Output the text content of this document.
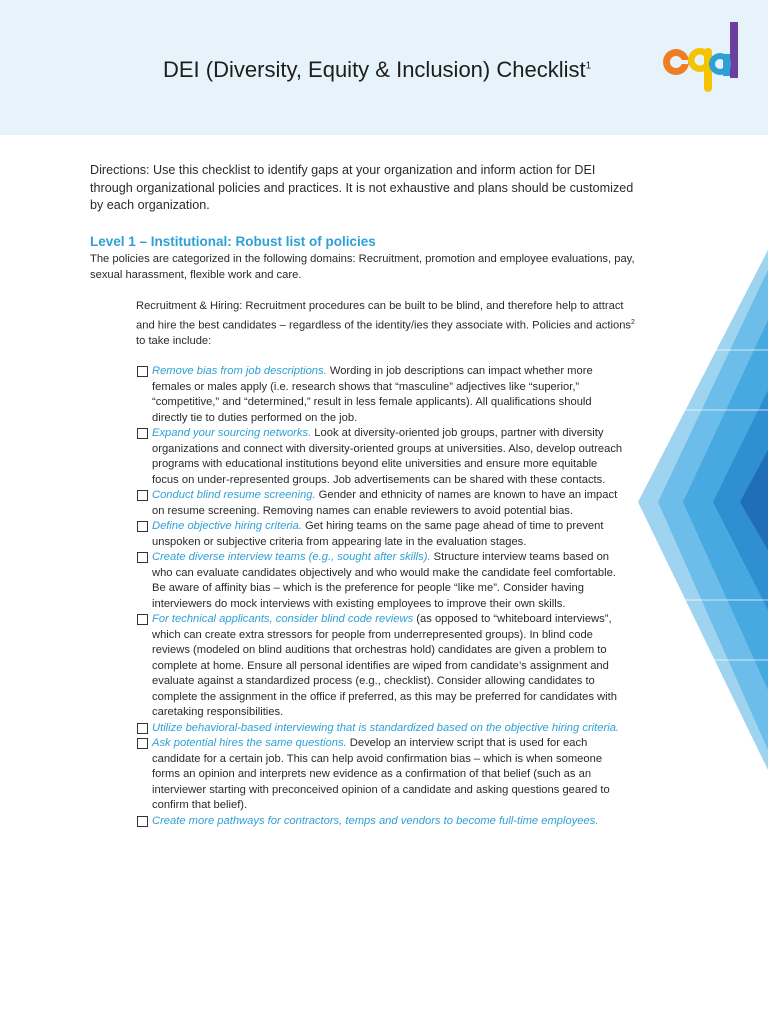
DEI (Diversity, Equity & Inclusion) Checklist$^1$

Directions: Use this checklist to identify gaps at your organization and inform action for DEI through organizational policies and practices. It is not exhaustive and plans should be customized by each organization.

Level 1 – Institutional: Robust list of policies

The policies are categorized in the following domains: Recruitment, promotion and employee evaluations, pay, sexual harassment, flexible work and care.

Recruitment & Hiring: Recruitment procedures can be built to be blind, and therefore help to attract and hire the best candidates – regardless of the identity/ies they associate with. Policies and actions$^2$ to take include:

Remove bias from job descriptions. Wording in job descriptions can impact whether more females or males apply (i.e. research shows that “masculine” adjectives like “superior,” “competitive,” and “determined,” result in less female applicants). All qualifications should directly tie to duties performed on the job.
Expand your sourcing networks. Look at diversity-oriented job groups, partner with diversity organizations and connect with diversity-oriented groups at universities. Also, develop outreach programs with educational institutions beyond elite universities and ensure more equitable focus on under-represented groups. Job advertisements can be shared with these contacts.
Conduct blind resume screening. Gender and ethnicity of names are known to have an impact on resume screening. Removing names can enable reviewers to avoid potential bias.
Define objective hiring criteria. Get hiring teams on the same page ahead of time to prevent unspoken or subjective criteria from appearing late in the evaluation stages.
Create diverse interview teams (e.g., sought after skills). Structure interview teams based on who can evaluate candidates objectively and who would make the candidate feel comfortable. Be aware of affinity bias – which is the preference for people “like me”. Consider having interviewers do mock interviews with existing employees to improve their own skills.
For technical applicants, consider blind code reviews (as opposed to “whiteboard interviews”, which can create extra stressors for people from underrepresented groups). In blind code reviews (modeled on blind auditions that orchestras hold) candidates are given a problem to complete at home. Ensure all personal identifies are wiped from candidate’s assignment and evaluate against a standardized process (e.g., checklist). Consider allowing candidates to complete the assignment in the office if preferred, as this may be preferred for candidates with caretaking responsibilities.
Utilize behavioral-based interviewing that is standardized based on the objective hiring criteria.
Ask potential hires the same questions. Develop an interview script that is used for each candidate for a certain job. This can help avoid confirmation bias – which is when someone forms an opinion and interprets new evidence as a confirmation of that belief (such as an interviewer starting with preconceived opinion of a candidate and asking questions geared to confirm that belief).
Create more pathways for contractors, temps and vendors to become full-time employees.
